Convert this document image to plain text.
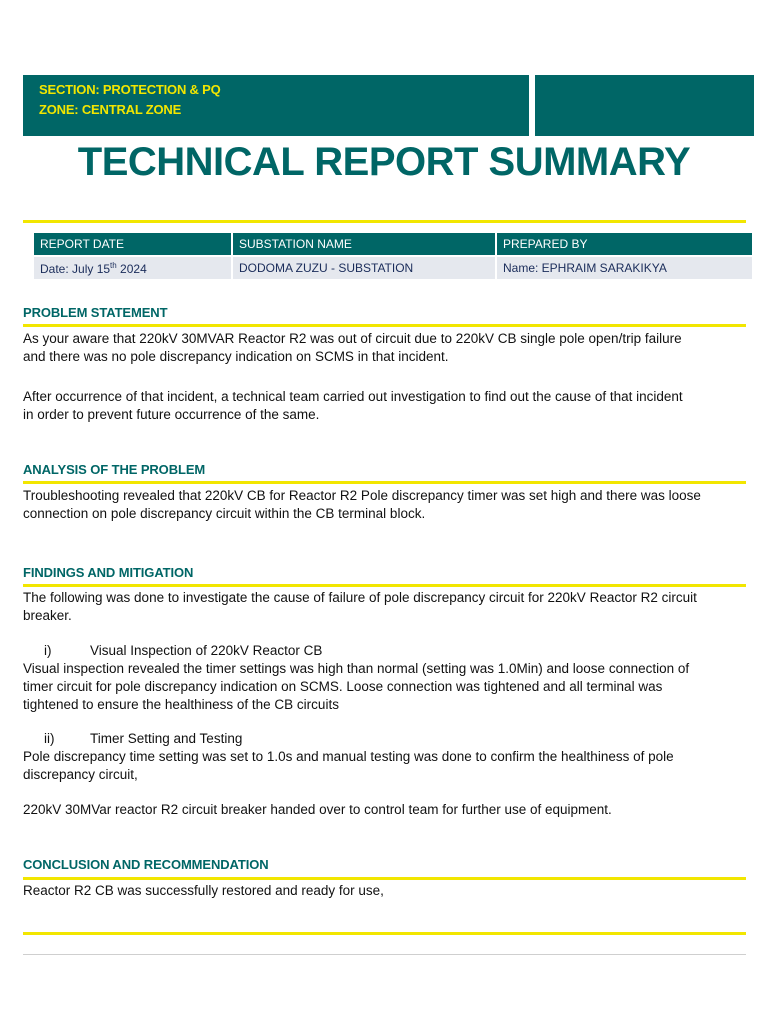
SECTION: PROTECTION & PQ
ZONE: CENTRAL ZONE
TECHNICAL REPORT SUMMARY
REPORT DATE	SUBSTATION NAME	PREPARED BY
Date: July 15th 2024	DODOMA ZUZU - SUBSTATION	Name: EPHRAIM SARAKIKYA
PROBLEM STATEMENT
As your aware that 220kV 30MVAR Reactor R2 was out of circuit due to 220kV CB single pole open/trip failure
and there was no pole discrepancy indication on SCMS in that incident.
After occurrence of that incident, a technical team carried out investigation to find out the cause of that incident
in order to prevent future occurrence of the same.
ANALYSIS OF THE PROBLEM
Troubleshooting revealed that 220kV CB for Reactor R2 Pole discrepancy timer was set high and there was loose
connection on pole discrepancy circuit within the CB terminal block.
FINDINGS AND MITIGATION
The following was done to investigate the cause of failure of pole discrepancy circuit for 220kV Reactor R2 circuit
breaker.
i)	Visual Inspection of 220kV Reactor CB
Visual inspection revealed the timer settings was high than normal (setting was 1.0Min) and loose connection of
timer circuit for pole discrepancy indication on SCMS. Loose connection was tightened and all terminal was
tightened to ensure the healthiness of the CB circuits
ii)	Timer Setting and Testing
Pole discrepancy time setting was set to 1.0s and manual testing was done to confirm the healthiness of pole
discrepancy circuit,
220kV 30MVar reactor R2 circuit breaker handed over to control team for further use of equipment.
CONCLUSION AND RECOMMENDATION
Reactor R2 CB was successfully restored and ready for use,
